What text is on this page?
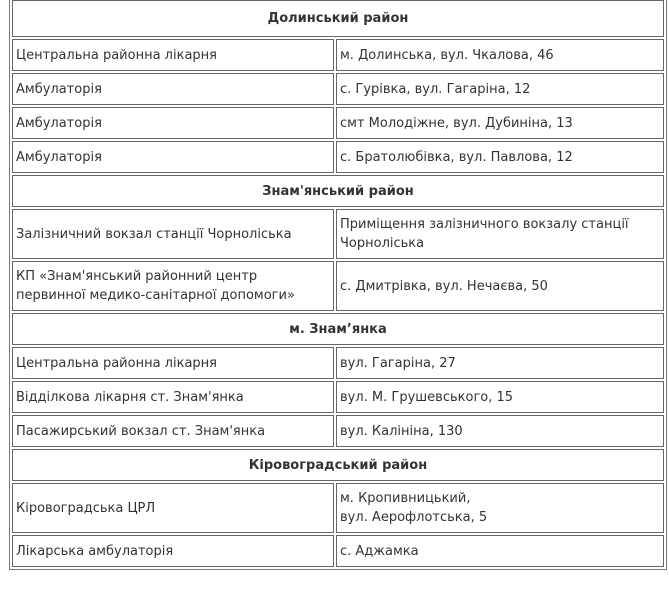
Долинський район	
Центральна районна лікарня	м. Долинська, вул. Чкалова, 46
Амбулаторія	с. Гурівка, вул. Гагаріна, 12
Амбулаторія	смт Молодіжне, вул. Дубиніна, 13
Амбулаторія	с. Братолюбівка, вул. Павлова, 12
Знам'янський район	
Залізничний вокзал станції Чорноліська	Приміщення залізничного вокзалу станції Чорноліська
КП «Знам'янський районний центр первинної медико-санітарної допомоги»	с. Дмитрівка, вул. Нечаєва, 50
м. Знам’янка	
Центральна районна лікарня	вул. Гагаріна, 27
Відділкова лікарня ст. Знам'янка	вул. М. Грушевського, 15
Пасажирський вокзал ст. Знам'янка	вул. Калініна, 130
Кіровоградський район	
Кіровоградська ЦРЛ	м. Кропивницький,
вул. Аерофлотська, 5
Лікарська амбулаторія	с. Аджамка
